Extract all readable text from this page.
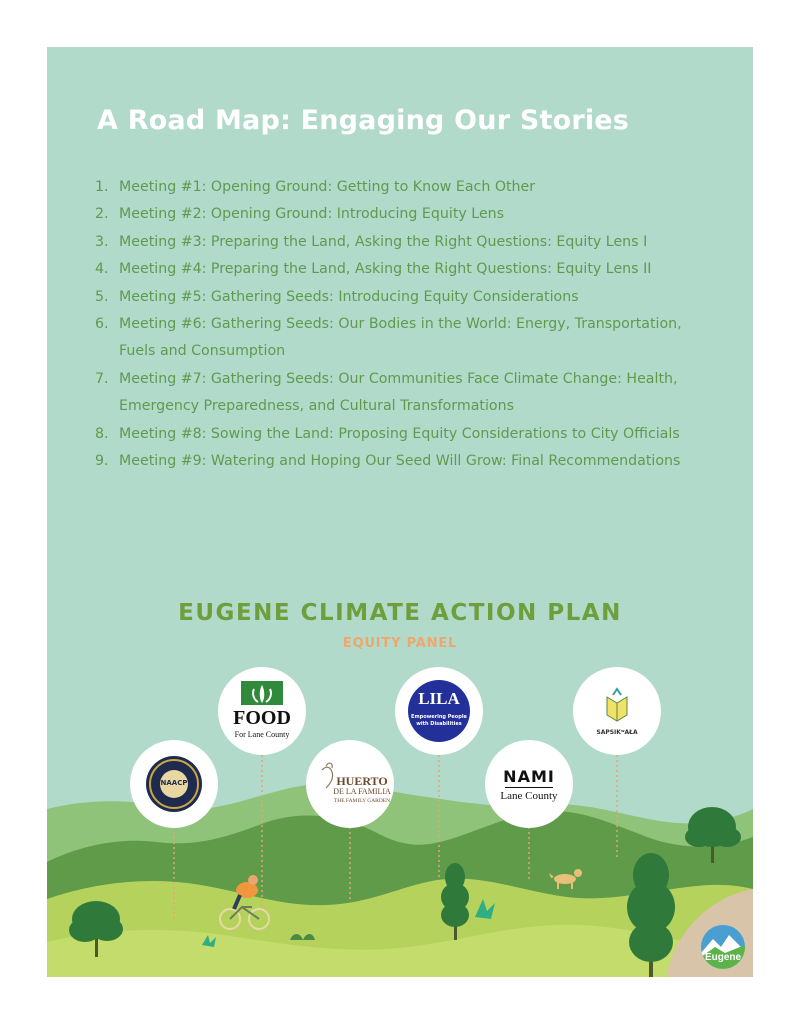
A Road Map: Engaging Our Stories
1. Meeting #1: Opening Ground: Getting to Know Each Other
2. Meeting #2: Opening Ground: Introducing Equity Lens
3. Meeting #3: Preparing the Land, Asking the Right Questions: Equity Lens I
4. Meeting #4: Preparing the Land, Asking the Right Questions: Equity Lens II
5. Meeting #5: Gathering Seeds: Introducing Equity Considerations
6. Meeting #6: Gathering Seeds: Our Bodies in the World: Energy, Transportation, Fuels and Consumption
7. Meeting #7: Gathering Seeds: Our Communities Face Climate Change: Health, Emergency Preparedness, and Cultural Transformations
8. Meeting #8: Sowing the Land: Proposing Equity Considerations to City Officials
9. Meeting #9: Watering and Hoping Our Seed Will Grow: Final Recommendations
EUGENE CLIMATE ACTION PLAN
EQUITY PANEL
Eugene
NAACP
FOOD
For Lane County
HUERTO
DE LA FAMILIA
THE FAMILY GARDEN
LILA
Empowering People
with Disabilities
NAMI
Lane County
SAPSIKʷAŁA
